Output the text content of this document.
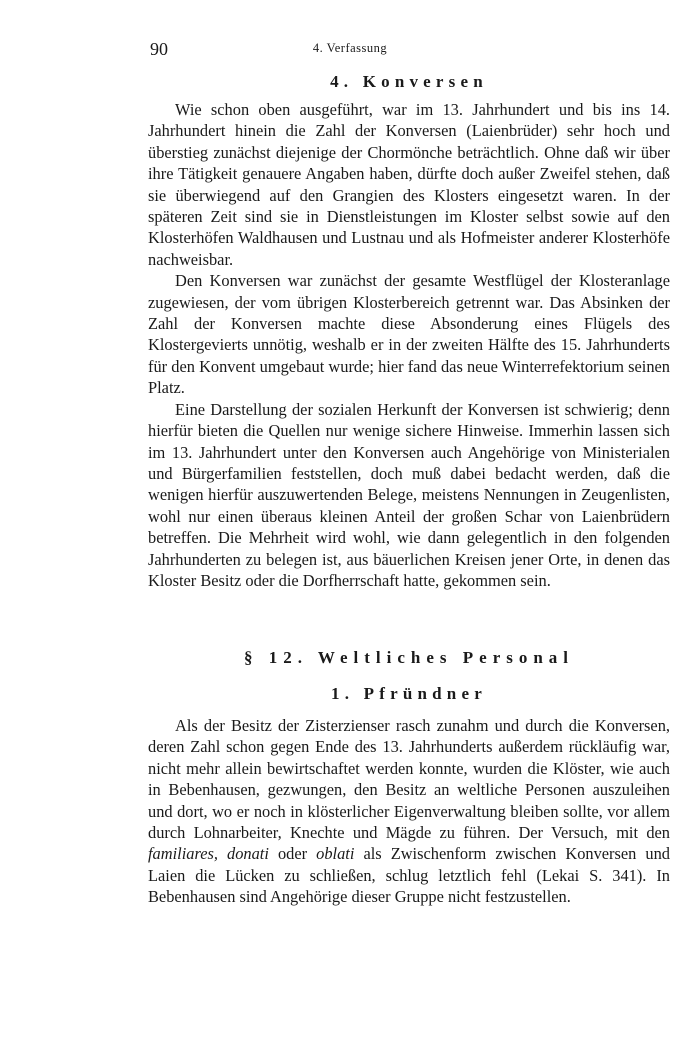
90	4. Verfassung
4. Konversen

Wie schon oben ausgeführt, war im 13. Jahrhundert und bis ins 14. Jahrhundert hinein die Zahl der Konversen (Laienbrüder) sehr hoch und überstieg zunächst diejenige der Chormönche beträchtlich. Ohne daß wir über ihre Tätigkeit genauere Angaben haben, dürfte doch außer Zweifel stehen, daß sie überwiegend auf den Grangien des Klosters eingesetzt waren. In der späteren Zeit sind sie in Dienstleistungen im Kloster selbst sowie auf den Klosterhöfen Waldhausen und Lustnau und als Hofmeister anderer Klosterhöfe nachweisbar.

Den Konversen war zunächst der gesamte Westflügel der Klosteranlage zugewiesen, der vom übrigen Klosterbereich getrennt war. Das Absinken der Zahl der Konversen machte diese Absonderung eines Flügels des Klostergevierts unnötig, weshalb er in der zweiten Hälfte des 15. Jahrhunderts für den Konvent umgebaut wurde; hier fand das neue Winterrefektorium seinen Platz.

Eine Darstellung der sozialen Herkunft der Konversen ist schwierig; denn hierfür bieten die Quellen nur wenige sichere Hinweise. Immerhin lassen sich im 13. Jahrhundert unter den Konversen auch Angehörige von Ministerialen und Bürgerfamilien feststellen, doch muß dabei bedacht werden, daß die wenigen hierfür auszuwertenden Belege, meistens Nennungen in Zeugenlisten, wohl nur einen überaus kleinen Anteil der großen Schar von Laienbrüdern betreffen. Die Mehrheit wird wohl, wie dann gelegentlich in den folgenden Jahrhunderten zu belegen ist, aus bäuerlichen Kreisen jener Orte, in denen das Kloster Besitz oder die Dorfherrschaft hatte, gekommen sein.

§ 12. Weltliches Personal
1. Pfründner

Als der Besitz der Zisterzienser rasch zunahm und durch die Konversen, deren Zahl schon gegen Ende des 13. Jahrhunderts außerdem rückläufig war, nicht mehr allein bewirtschaftet werden konnte, wurden die Klöster, wie auch in Bebenhausen, gezwungen, den Besitz an weltliche Personen auszuleihen und dort, wo er noch in klösterlicher Eigenverwaltung bleiben sollte, vor allem durch Lohnarbeiter, Knechte und Mägde zu führen. Der Versuch, mit den familiares, donati oder oblati als Zwischenform zwischen Konversen und Laien die Lücken zu schließen, schlug letztlich fehl (Lekai S. 341). In Bebenhausen sind Angehörige dieser Gruppe nicht festzustellen.
